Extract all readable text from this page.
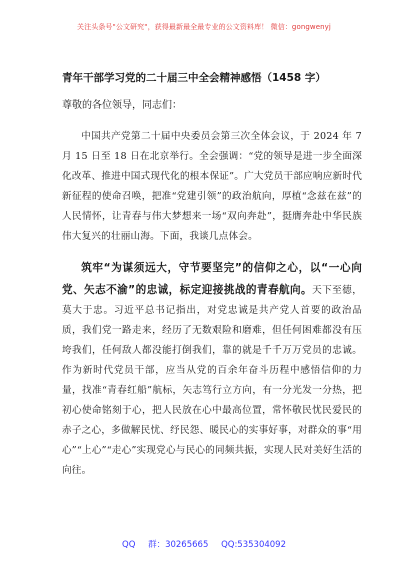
关注头条号"公文研究"，获得最新最全最专业的公文资料库！ 微信：gongwenyj
青年干部学习党的二十届三中全会精神感悟（1458 字）
尊敬的各位领导，同志们：
中国共产党第二十届中央委员会第三次全体会议，于 2024 年 7 月 15 日至 18 日在北京举行。全会强调：“党的领导是进一步全面深化改革、推进中国式现代化的根本保证”。广大党员干部应响应新时代新征程的使命召唤，把准“党建引领”的政治航向，厚植“念兹在兹”的人民情怀，让青春与伟大梦想来一场“双向奔赴”，挺膺奔赴中华民族伟大复兴的壮丽山海。下面，我谈几点体会。
筑牢“为谋须远大，守节要坚完”的信仰之心，以“一心向党、矢志不渝”的忠诚，标定迎接挑战的青春航向。天下至德，莫大于忠。习近平总书记指出，对党忠诚是共产党人首要的政治品质，我们党一路走来，经历了无数艰险和磨难，但任何困难都没有压垮我们，任何敌人都没能打倒我们，靠的就是千千万万党员的忠诚。作为新时代党员干部，应当从党的百余年奋斗历程中感悟信仰的力量，找准“青春红船”航标，矢志笃行立方向，有一分光发一分热，把初心使命铭刻于心，把人民放在心中最高位置，常怀敬民忧民爱民的赤子之心，多做解民忧、纾民怨、暖民心的实事好事，对群众的事“用心”“上心”“走心”实现党心与民心的同频共振，实现人民对美好生活的向往。
QQ 群：30265665 QQ:535304092
